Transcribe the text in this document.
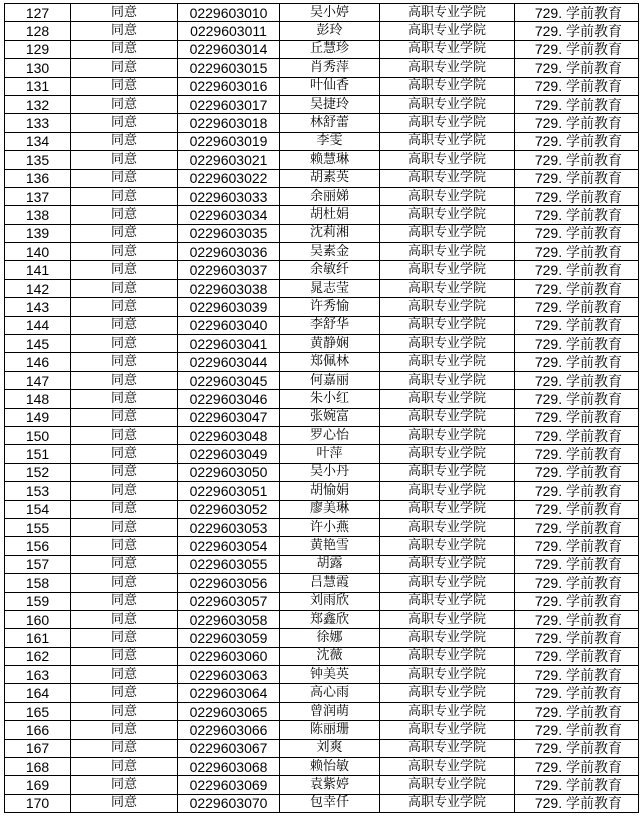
127	同意	0229603010	吴小婷	高职专业学院	729. 学前教育
128	同意	0229603011	彭玲	高职专业学院	729. 学前教育
129	同意	0229603014	丘慧珍	高职专业学院	729. 学前教育
130	同意	0229603015	肖秀萍	高职专业学院	729. 学前教育
131	同意	0229603016	叶仙香	高职专业学院	729. 学前教育
132	同意	0229603017	吴捷玲	高职专业学院	729. 学前教育
133	同意	0229603018	林舒蕾	高职专业学院	729. 学前教育
134	同意	0229603019	李雯	高职专业学院	729. 学前教育
135	同意	0229603021	赖慧琳	高职专业学院	729. 学前教育
136	同意	0229603022	胡素英	高职专业学院	729. 学前教育
137	同意	0229603033	余丽娣	高职专业学院	729. 学前教育
138	同意	0229603034	胡杜娟	高职专业学院	729. 学前教育
139	同意	0229603035	沈莉湘	高职专业学院	729. 学前教育
140	同意	0229603036	吴素金	高职专业学院	729. 学前教育
141	同意	0229603037	余敏纤	高职专业学院	729. 学前教育
142	同意	0229603038	晁志莹	高职专业学院	729. 学前教育
143	同意	0229603039	许秀愉	高职专业学院	729. 学前教育
144	同意	0229603040	李舒华	高职专业学院	729. 学前教育
145	同意	0229603041	黄静娴	高职专业学院	729. 学前教育
146	同意	0229603044	郑佩林	高职专业学院	729. 学前教育
147	同意	0229603045	何嘉丽	高职专业学院	729. 学前教育
148	同意	0229603046	朱小红	高职专业学院	729. 学前教育
149	同意	0229603047	张婉富	高职专业学院	729. 学前教育
150	同意	0229603048	罗心怡	高职专业学院	729. 学前教育
151	同意	0229603049	叶萍	高职专业学院	729. 学前教育
152	同意	0229603050	吴小丹	高职专业学院	729. 学前教育
153	同意	0229603051	胡愉娟	高职专业学院	729. 学前教育
154	同意	0229603052	廖美琳	高职专业学院	729. 学前教育
155	同意	0229603053	许小燕	高职专业学院	729. 学前教育
156	同意	0229603054	黄艳雪	高职专业学院	729. 学前教育
157	同意	0229603055	胡露	高职专业学院	729. 学前教育
158	同意	0229603056	吕慧霞	高职专业学院	729. 学前教育
159	同意	0229603057	刘雨欣	高职专业学院	729. 学前教育
160	同意	0229603058	郑鑫欣	高职专业学院	729. 学前教育
161	同意	0229603059	徐娜	高职专业学院	729. 学前教育
162	同意	0229603060	沈薇	高职专业学院	729. 学前教育
163	同意	0229603063	钟美英	高职专业学院	729. 学前教育
164	同意	0229603064	高心雨	高职专业学院	729. 学前教育
165	同意	0229603065	曾润萌	高职专业学院	729. 学前教育
166	同意	0229603066	陈丽珊	高职专业学院	729. 学前教育
167	同意	0229603067	刘爽	高职专业学院	729. 学前教育
168	同意	0229603068	赖怡敏	高职专业学院	729. 学前教育
169	同意	0229603069	袁紫婷	高职专业学院	729. 学前教育
170	同意	0229603070	包幸仟	高职专业学院	729. 学前教育
